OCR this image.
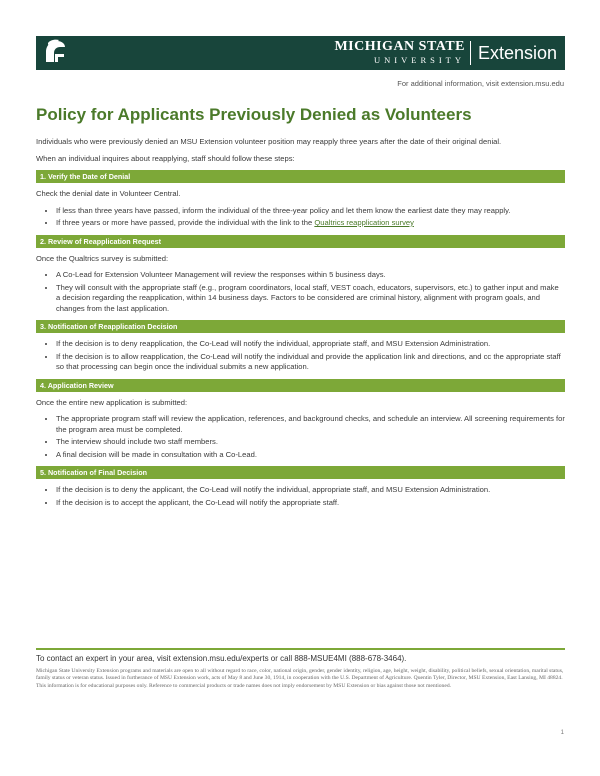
MICHIGAN STATE
UNIVERSITY Extension
For additional information, visit extension.msu.edu
Policy for Applicants Previously Denied as Volunteers

Individuals who were previously denied an MSU Extension volunteer position may reapply three years after the date of their original denial.

When an individual inquires about reapplying, staff should follow these steps:

1. Verify the Date of Denial

Check the denial date in Volunteer Central.

• If less than three years have passed, inform the individual of the three-year policy and let them know the earliest date they may reapply.
• If three years or more have passed, provide the individual with the link to the Qualtrics reapplication survey
2. Review of Reapplication Request

Once the Qualtrics survey is submitted:

• A Co-Lead for Extension Volunteer Management will review the responses within 5 business days.
• They will consult with the appropriate staff (e.g., program coordinators, local staff, VEST coach, educators, supervisors, etc.) to gather input and make a decision regarding the reapplication, within 14 business days. Factors to be considered are criminal history, alignment with program goals, and changes from the last application.
3. Notification of Reapplication Decision
• If the decision is to deny reapplication, the Co-Lead will notify the individual, appropriate staff, and MSU Extension Administration.
• If the decision is to allow reapplication, the Co-Lead will notify the individual and provide the application link and directions, and cc the appropriate staff so that processing can begin once the individual submits a new application.
4. Application Review

Once the entire new application is submitted:

• The appropriate program staff will review the application, references, and background checks, and schedule an interview. All screening requirements for the program area must be completed.
• The interview should include two staff members.
• A final decision will be made in consultation with a Co-Lead.
5. Notification of Final Decision
• If the decision is to deny the applicant, the Co-Lead will notify the individual, appropriate staff, and MSU Extension Administration.
• If the decision is to accept the applicant, the Co-Lead will notify the appropriate staff.
To contact an expert in your area, visit extension.msu.edu/experts or call 888-MSUE4MI (888-678-3464).
Michigan State University Extension programs and materials are open to all without regard to race, color, national origin, gender, gender identity, religion, age, height, weight, disability, political beliefs, sexual orientation, marital status, family status or veteran status. Issued in furtherance of MSU Extension work, acts of May 8 and June 30, 1914, in cooperation with the U.S. Department of Agriculture. Quentin Tyler, Director, MSU Extension, East Lansing, MI 48824. This information is for educational purposes only. Reference to commercial products or trade names does not imply endorsement by MSU Extension or bias against those not mentioned.
1
